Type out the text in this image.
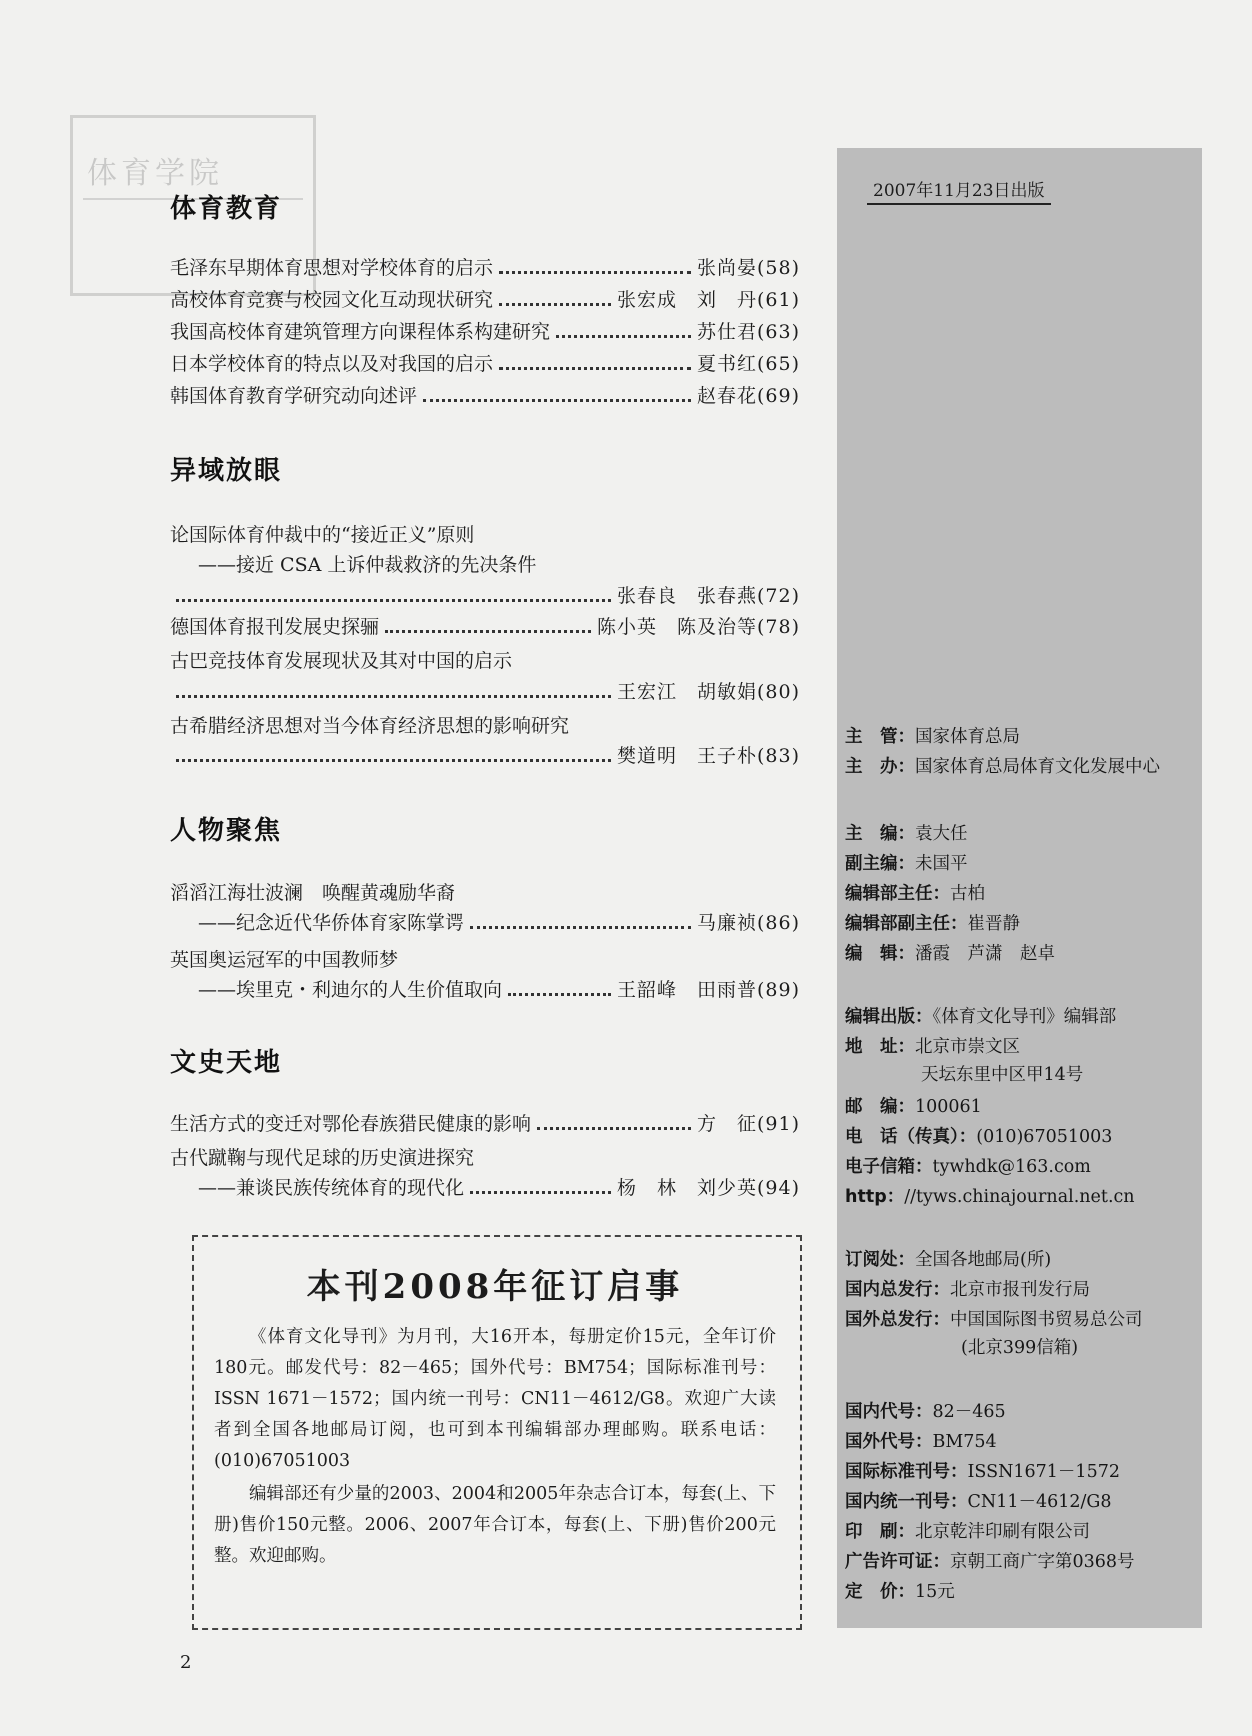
体育学院
体育教育
毛泽东早期体育思想对学校体育的启示	张尚晏(58)
高校体育竞赛与校园文化互动现状研究	张宏成　刘　丹(61)
我国高校体育建筑管理方向课程体系构建研究	苏仕君(63)
日本学校体育的特点以及对我国的启示	夏书红(65)
韩国体育教育学研究动向述评	赵春花(69)
异域放眼
论国际体育仲裁中的“接近正义”原则
——接近 CSA 上诉仲裁救济的先决条件
张春良　张春燕(72)
德国体育报刊发展史探骊	陈小英　陈及治等(78)
古巴竞技体育发展现状及其对中国的启示
王宏江　胡敏娟(80)
古希腊经济思想对当今体育经济思想的影响研究
樊道明　王子朴(83)
人物聚焦
滔滔江海壮波澜　唤醒黄魂励华裔
——纪念近代华侨体育家陈掌谔	马廉祯(86)
英国奥运冠军的中国教师梦
——埃里克・利迪尔的人生价值取向	王韶峰　田雨普(89)
文史天地
生活方式的变迁对鄂伦春族猎民健康的影响	方　征(91)
古代蹴鞠与现代足球的历史演进探究
——兼谈民族传统体育的现代化	杨　林　刘少英(94)
本刊2008年征订启事

《体育文化导刊》为月刊，大16开本，每册定价15元，全年订价180元。邮发代号：82－465；国外代号：BM754；国际标准刊号：ISSN 1671－1572；国内统一刊号：CN11－4612/G8。欢迎广大读者到全国各地邮局订阅，也可到本刊编辑部办理邮购。联系电话：(010)67051003

编辑部还有少量的2003、2004和2005年杂志合订本，每套(上、下册)售价150元整。2006、2007年合订本，每套(上、下册)售价200元整。欢迎邮购。

2
2007年11月23日出版
主　管：国家体育总局
主　办：国家体育总局体育文化发展中心
主　编：袁大任
副主编：未国平
编辑部主任：古柏
编辑部副主任：崔晋静
编　辑：潘霞　芦潇　赵卓
编辑出版：《体育文化导刊》编辑部
地　址：北京市崇文区
天坛东里中区甲14号
邮　编：100061
电　话（传真）：(010)67051003
电子信箱：tywhdk@163.com
http：//tyws.chinajournal.net.cn
订阅处：全国各地邮局(所)
国内总发行：北京市报刊发行局
国外总发行：中国国际图书贸易总公司
(北京399信箱)
国内代号：82－465
国外代号：BM754
国际标准刊号：ISSN1671－1572
国内统一刊号：CN11－4612/G8
印　刷：北京乾沣印刷有限公司
广告许可证：京朝工商广字第0368号
定　价：15元
